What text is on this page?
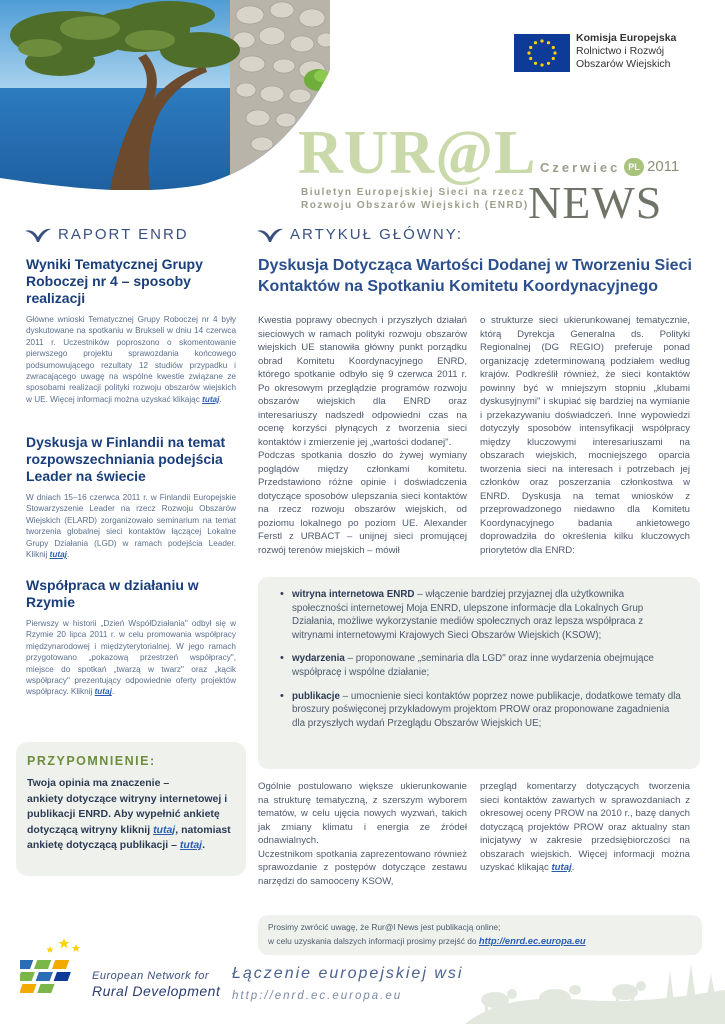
Komisja Europejska
Rolnictwo i Rozwój
Obszarów Wiejskich
RUR@L Czerwiec PL 2011
NEWS
Biuletyn Europejskiej Sieci na rzecz
Rozwoju Obszarów Wiejskich (ENRD)
RAPORT ENRD	ARTYKUŁ GŁÓWNY:
Wyniki Tematycznej Grupy Roboczej nr 4 – sposoby realizacji
Główne wnioski Tematycznej Grupy Roboczej nr 4 były dyskutowane na spotkaniu w Brukseli w dniu 14 czerwca 2011 r. Uczestników poproszono o skomentowanie pierwszego projektu sprawozdania końcowego podsumowującego rezultaty 12 studiów przypadku i zwracającego uwagę na wspólne kwestie związane ze sposobami realizacji polityki rozwoju obszarów wiejskich w UE. Więcej informacji można uzyskać klikając tutaj.
Dyskusja w Finlandii na temat rozpowszechniania podejścia Leader na świecie
W dniach 15–16 czerwca 2011 r. w Finlandii Europejskie Stowarzyszenie Leader na rzecz Rozwoju Obszarów Wiejskich (ELARD) zorganizowało seminarium na temat tworzenia globalnej sieci kontaktów łączącej Lokalne Grupy Działania (LGD) w ramach podejścia Leader. Kliknij tutaj.
Współpraca w działaniu w Rzymie
Pierwszy w historii „Dzień WspółDziałania" odbył się w Rzymie 20 lipca 2011 r. w celu promowania współpracy międzynarodowej i międzyterytorialnej. W jego ramach przygotowano „pokazową przestrzeń współpracy", miejsce do spotkań „twarzą w twarz" oraz „kącik współpracy" prezentujący odpowiednie oferty projektów współpracy. Kliknij tutaj.
PRZYPOMNIENIE:
Twoja opinia ma znaczenie –
ankiety dotyczące witryny internetowej i publikacji ENRD. Aby wypełnić ankietę dotyczącą witryny kliknij tutaj, natomiast ankietę dotyczącą publikacji – tutaj.
Dyskusja Dotycząca Wartości Dodanej w Tworzeniu Sieci Kontaktów na Spotkaniu Komitetu Koordynacyjnego

Kwestia poprawy obecnych i przyszłych działań sieciowych w ramach polityki rozwoju obszarów wiejskich UE stanowiła główny punkt porządku obrad Komitetu Koordynacyjnego ENRD, którego spotkanie odbyło się 9 czerwca 2011 r. Po okresowym przeglądzie programów rozwoju obszarów wiejskich dla ENRD oraz interesariuszy nadszedł odpowiedni czas na ocenę korzyści płynących z tworzenia sieci kontaktów i zmierzenie jej „wartości dodanej".

Podczas spotkania doszło do żywej wymiany poglądów między członkami komitetu. Przedstawiono różne opinie i doświadczenia dotyczące sposobów ulepszania sieci kontaktów na rzecz rozwoju obszarów wiejskich, od poziomu lokalnego po poziom UE. Alexander Ferstl z URBACT – unijnej sieci promującej rozwój terenów miejskich – mówił

o strukturze sieci ukierunkowanej tematycznie, którą Dyrekcja Generalna ds. Polityki Regionalnej (DG REGIO) preferuje ponad organizację zdeterminowaną podziałem według krajów. Podkreślił również, że sieci kontaktów powinny być w mniejszym stopniu „klubami dyskusyjnymi" i skupiać się bardziej na wymianie i przekazywaniu doświadczeń. Inne wypowiedzi dotyczyły sposobów intensyfikacji współpracy między kluczowymi interesariuszami na obszarach wiejskich, mocniejszego oparcia tworzenia sieci na interesach i potrzebach jej członków oraz poszerzania członkostwa w ENRD. Dyskusja na temat wniosków z przeprowadzonego niedawno dla Komitetu Koordynacyjnego badania ankietowego doprowadziła do określenia kilku kluczowych priorytetów dla ENRD:

• witryna internetowa ENRD – włączenie bardziej przyjaznej dla użytkownika społeczności internetowej Moja ENRD, ulepszone informacje dla Lokalnych Grup Działania, możliwe wykorzystanie mediów społecznych oraz lepsza współpraca z witrynami internetowymi Krajowych Sieci Obszarów Wiejskich (KSOW);
• wydarzenia – proponowane „seminaria dla LGD" oraz inne wydarzenia obejmujące współpracę i wspólne działanie;
• publikacje – umocnienie sieci kontaktów poprzez nowe publikacje, dodatkowe tematy dla broszury poświęconej przykładowym projektom PROW oraz proponowane zagadnienia dla przyszłych wydań Przeglądu Obszarów Wiejskich UE;

Ogólnie postulowano większe ukierunkowanie na strukturę tematyczną, z szerszym wyborem tematów, w celu ujęcia nowych wyzwań, takich jak zmiany klimatu i energia ze źródeł odnawialnych.

Uczestnikom spotkania zaprezentowano również sprawozdanie z postępów dotyczące zestawu narzędzi do samooceny KSOW,

przegląd komentarzy dotyczących tworzenia sieci kontaktów zawartych w sprawozdaniach z okresowej oceny PROW na 2010 r., bazę danych dotyczącą projektów PROW oraz aktualny stan inicjatywy w zakresie przedsiębiorczości na obszarach wiejskich. Więcej informacji można uzyskać klikając tutaj.

Prosimy zwrócić uwagę, że Rur@l News jest publikacją online;
w celu uzyskania dalszych informacji prosimy przejść do http://enrd.ec.europa.eu
European Network for
Rural Development
Łączenie europejskiej wsi
http://enrd.ec.europa.eu
